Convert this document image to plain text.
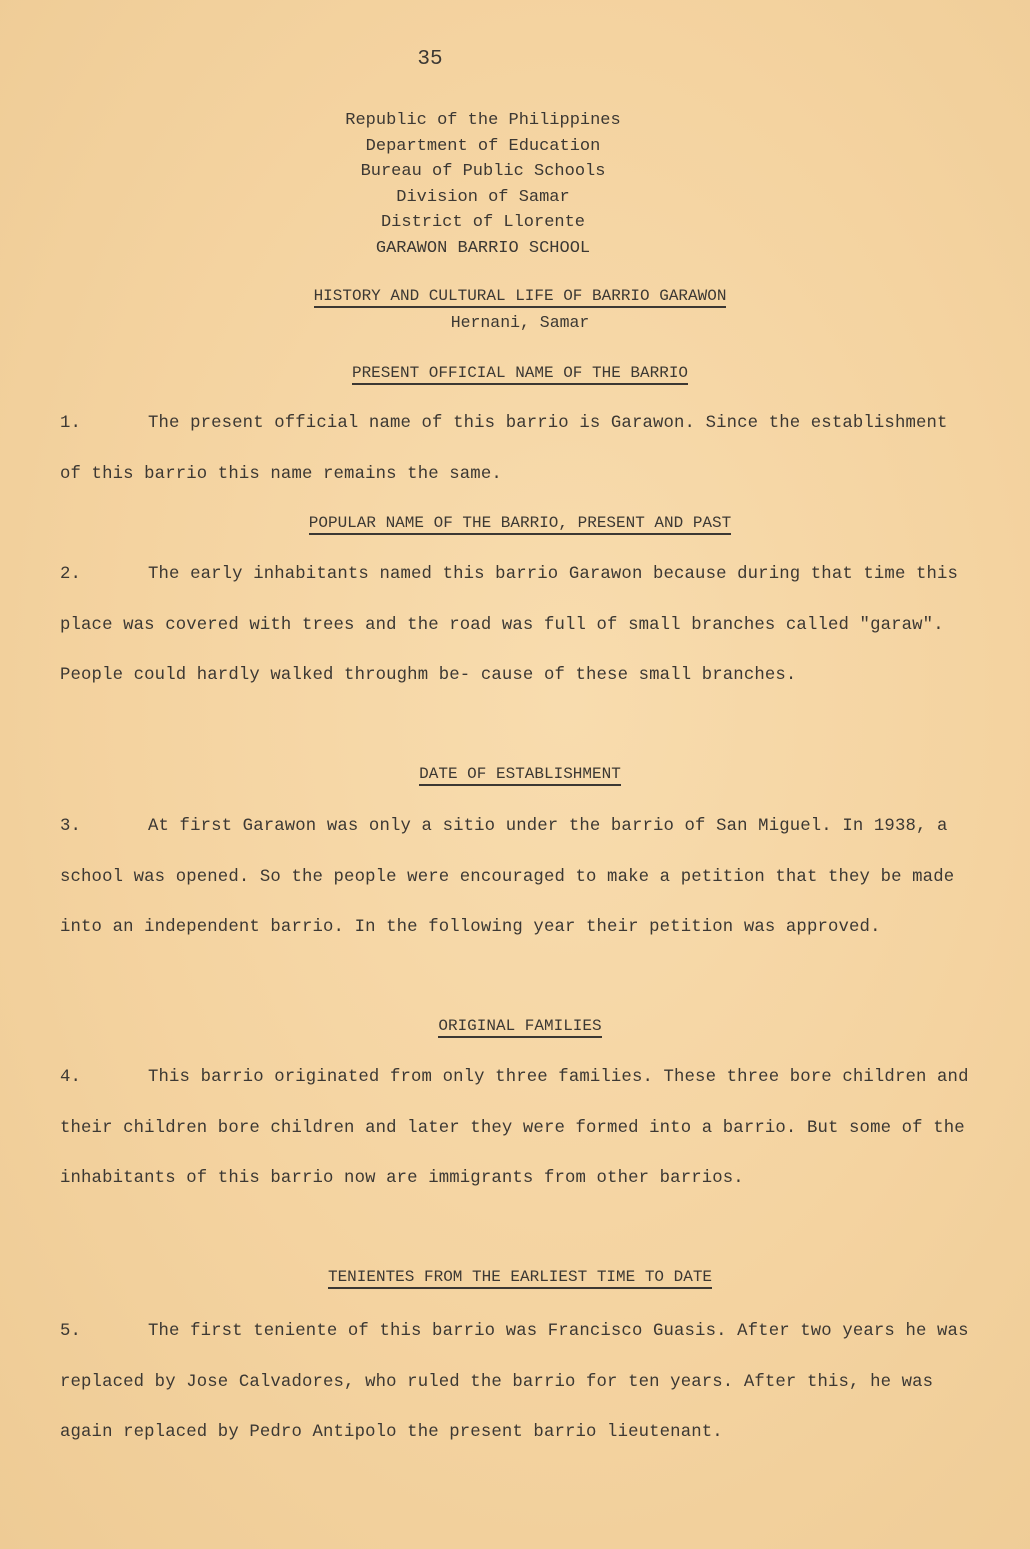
35
Republic of the Philippines
Department of Education
Bureau of Public Schools
Division of Samar
District of Llorente
GARAWON BARRIO SCHOOL
HISTORY AND CULTURAL LIFE OF BARRIO GARAWON
Hernani, Samar
PRESENT OFFICIAL NAME OF THE BARRIO

1.	The present official name of this barrio is Garawon. Since the establishment of this barrio this name remains the same.

POPULAR NAME OF THE BARRIO, PRESENT AND PAST

2.	The early inhabitants named this barrio Garawon because during that time this place was covered with trees and the road was full of small branches called "garaw". People could hardly walked throughm be- cause of these small branches.

DATE OF ESTABLISHMENT

3.	At first Garawon was only a sitio under the barrio of San Miguel. In 1938, a school was opened. So the people were encouraged to make a petition that they be made into an independent barrio. In the following year their petition was approved.

ORIGINAL FAMILIES

4.	This barrio originated from only three families. These three bore children and their children bore children and later they were formed into a barrio. But some of the inhabitants of this barrio now are immigrants from other barrios.

TENIENTES FROM THE EARLIEST TIME TO DATE

5.	The first teniente of this barrio was Francisco Guasis. After two years he was replaced by Jose Calvadores, who ruled the barrio for ten years. After this, he was again replaced by Pedro Antipolo the present barrio lieutenant.
